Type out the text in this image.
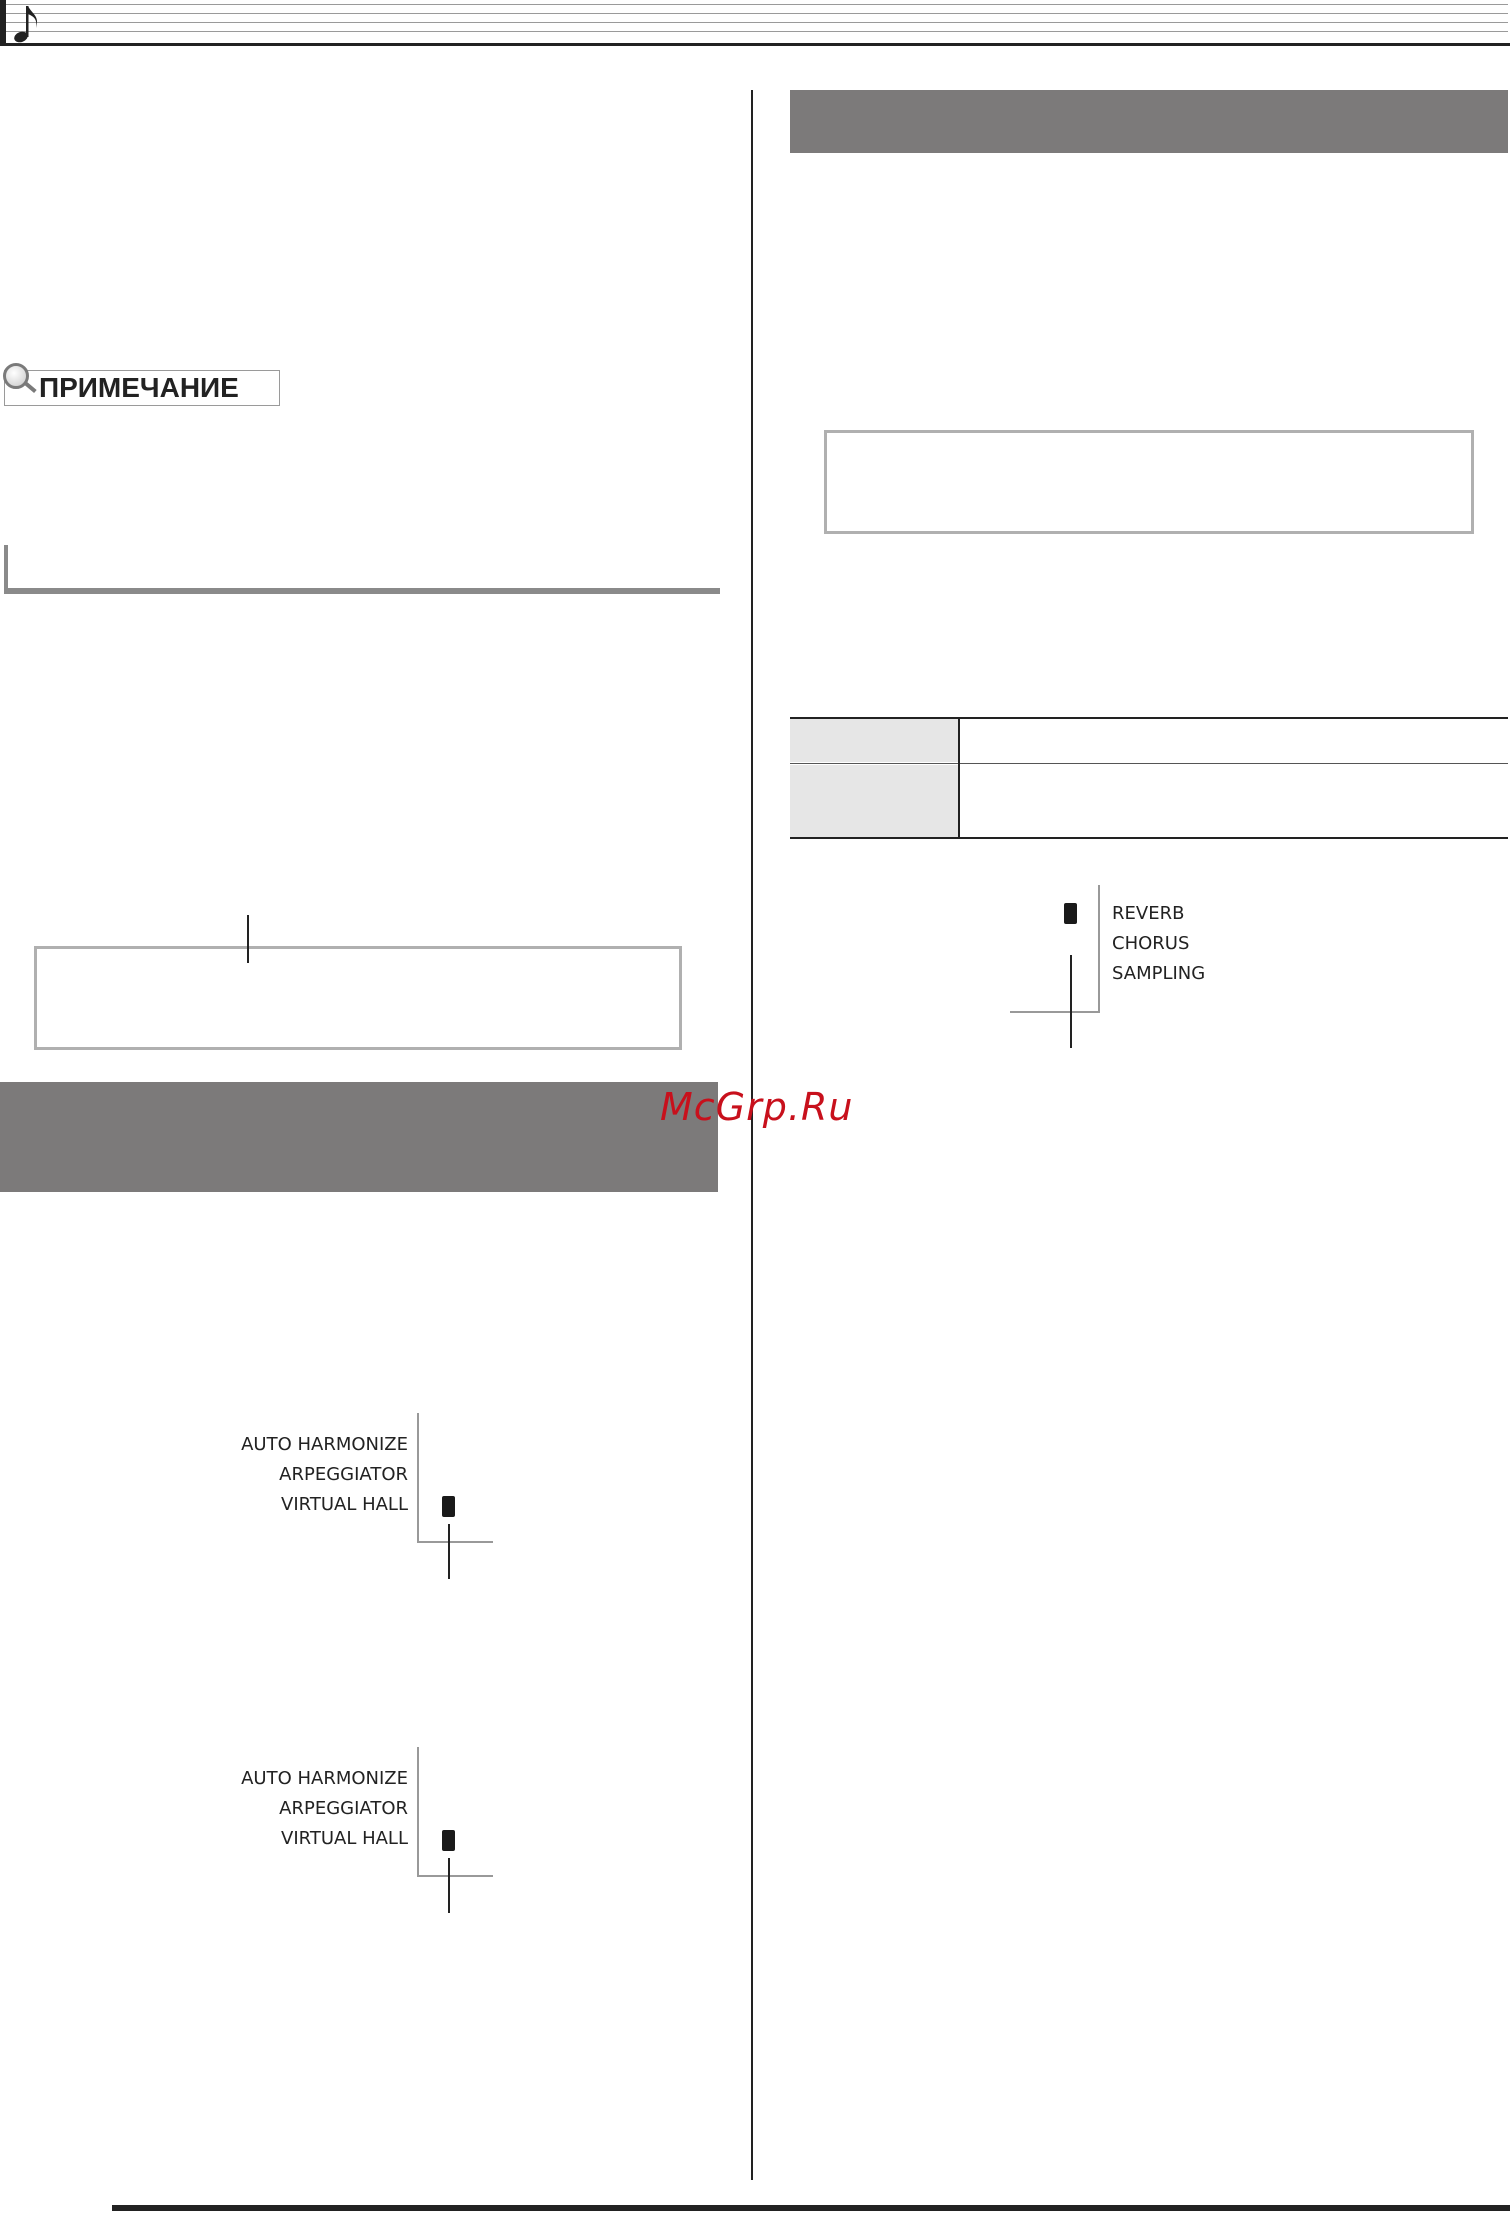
ПРИМЕЧАНИЕ
AUTO HARMONIZE
ARPEGGIATOR
VIRTUAL HALL
AUTO HARMONIZE
ARPEGGIATOR
VIRTUAL HALL
REVERB
CHORUS
SAMPLING
McGrp.Ru
